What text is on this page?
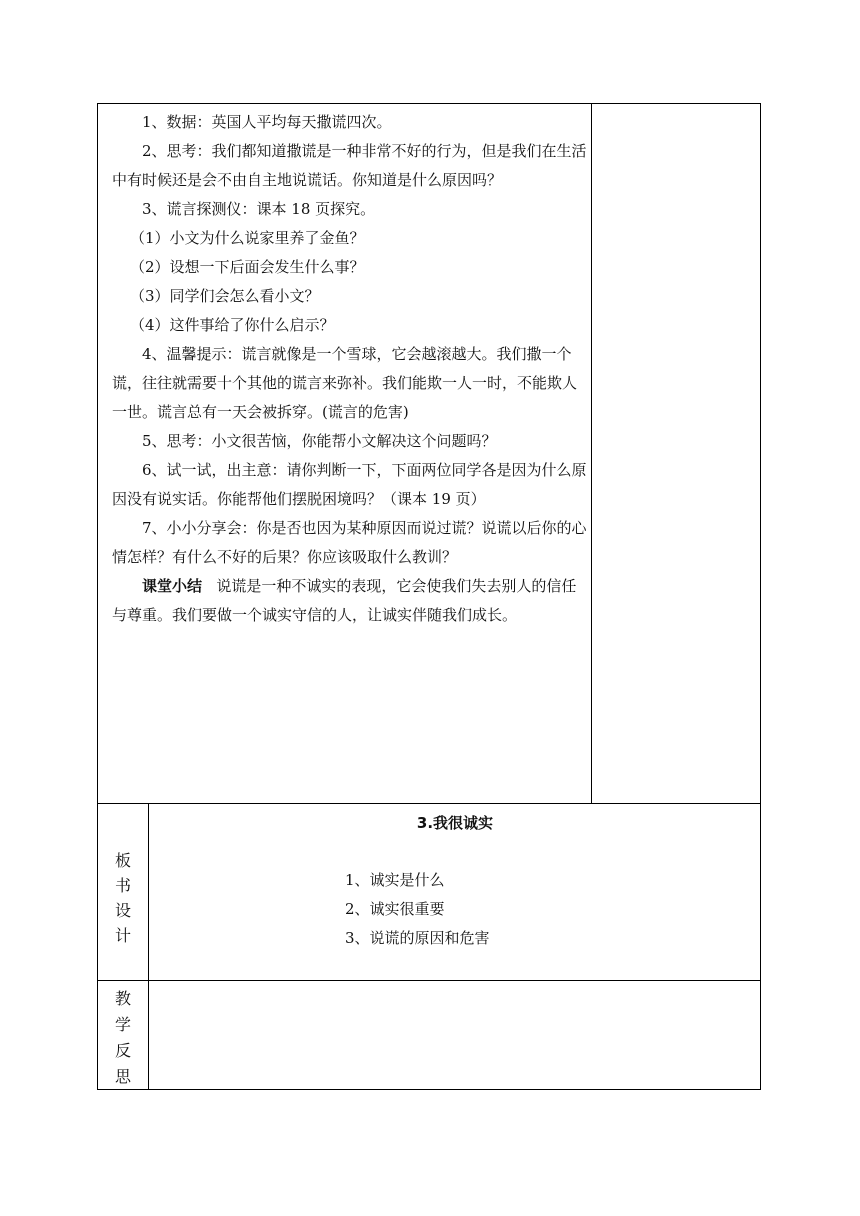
1、数据：英国人平均每天撒谎四次。

2、思考：我们都知道撒谎是一种非常不好的行为，但是我们在生活中有时候还是会不由自主地说谎话。你知道是什么原因吗？

3、谎言探测仪：课本 18 页探究。

（1）小文为什么说家里养了金鱼？

（2）设想一下后面会发生什么事？

（3）同学们会怎么看小文？

（4）这件事给了你什么启示？

4、温馨提示：谎言就像是一个雪球，它会越滚越大。我们撒一个谎，往往就需要十个其他的谎言来弥补。我们能欺一人一时，不能欺人一世。谎言总有一天会被拆穿。(谎言的危害)

5、思考：小文很苦恼，你能帮小文解决这个问题吗？

6、试一试，出主意：请你判断一下，下面两位同学各是因为什么原因没有说实话。你能帮他们摆脱困境吗？（课本 19 页）

7、小小分享会：你是否也因为某种原因而说过谎？说谎以后你的心情怎样？有什么不好的后果？你应该吸取什么教训？

课堂小结 说谎是一种不诚实的表现，它会使我们失去别人的信任与尊重。我们要做一个诚实守信的人，让诚实伴随我们成长。

板
书
设
计
3.我很诚实
1、诚实是什么
2、诚实很重要
3、说谎的原因和危害
教
学
反
思
